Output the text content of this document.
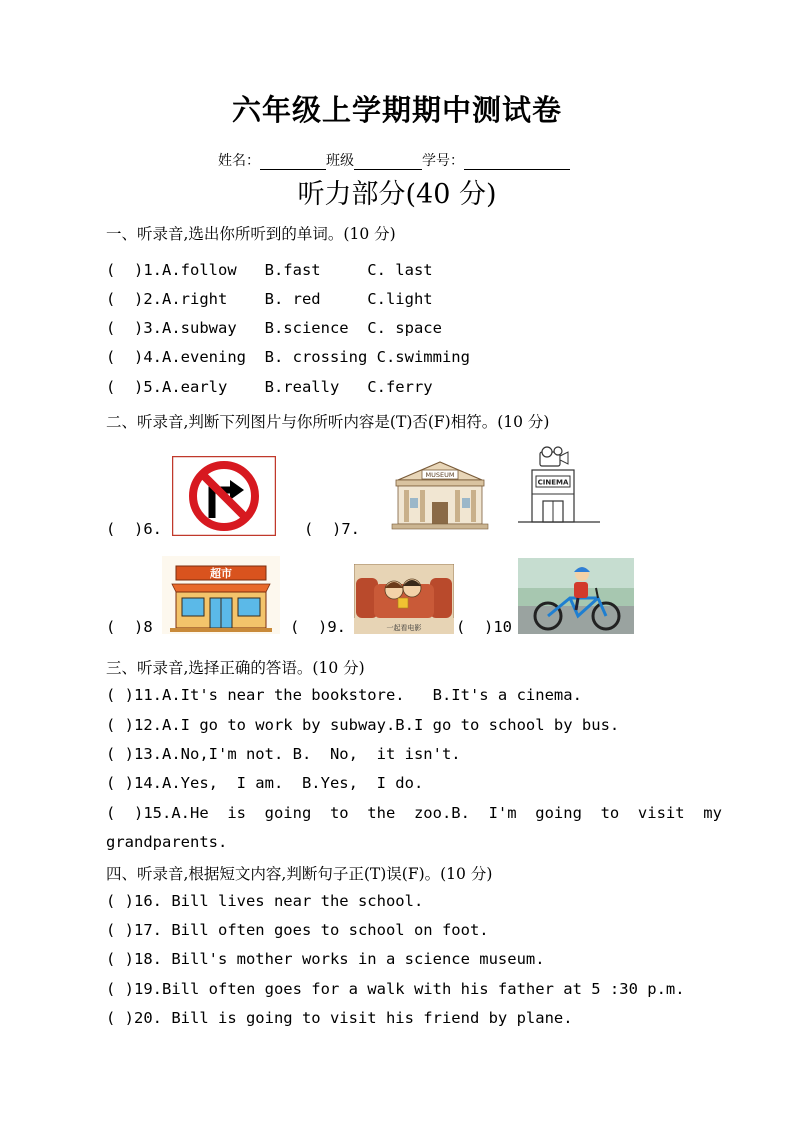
六年级上学期期中测试卷
姓名：	班级	学号：
听力部分(40 分)
一、听录音,选出你所听到的单词。(10 分)
(  )1.A.follow   B.fast     C. last
(  )2.A.right    B. red     C.light
(  )3.A.subway   B.science  C. space
(  )4.A.evening  B. crossing C.swimming
(  )5.A.early    B.really   C.ferry
二、听录音,判断下列图片与你所听内容是(T)否(F)相符。(10 分)
(  )6.	(  )7.
MUSEUM
CINEMA
(  )8
超市
(  )9.	一起看电影 (  )10
三、听录音,选择正确的答语。(10 分)
( )11.A.It's near the bookstore.   B.It's a cinema.
( )12.A.I go to work by subway.B.I go to school by bus.
( )13.A.No,I'm not. B.  No,  it isn't.
( )14.A.Yes,  I am.  B.Yes,  I do.
(  )15.A.He  is  going  to  the  zoo.B.  I'm  going  to  visit  my
grandparents.
四、听录音,根据短文内容,判断句子正(T)误(F)。(10 分)
( )16. Bill lives near the school.
( )17. Bill often goes to school on foot.
( )18. Bill's mother works in a science museum.
( )19.Bill often goes for a walk with his father at 5 :30 p.m.
( )20. Bill is going to visit his friend by plane.
